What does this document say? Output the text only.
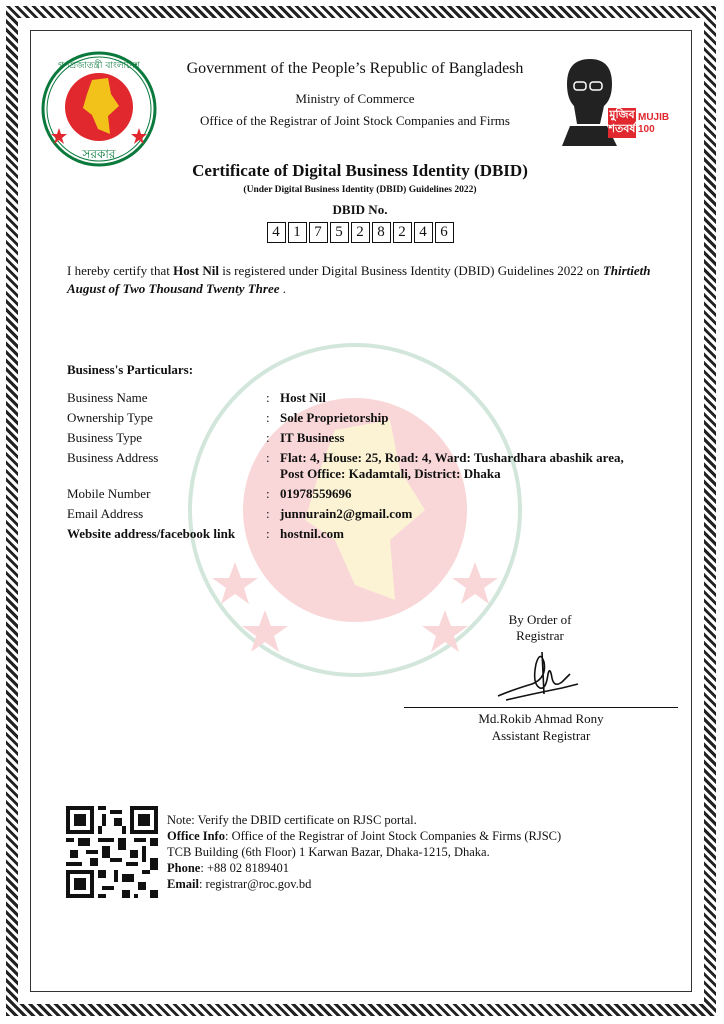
গণপ্রজাতন্ত্রী বাংলাদেশ
সরকার
Government of the People’s Republic of Bangladesh
Ministry of Commerce
Office of the Registrar of Joint Stock Companies and Firms	মুজিব শতবর্ষ
MUJIB 100
Certificate of Digital Business Identity (DBID)
(Under Digital Business Identity (DBID) Guidelines 2022)
DBID No.
4 1 7 5 2 8 2 4 6
I hereby certify that Host Nil is registered under Digital Business Identity (DBID) Guidelines 2022 on Thirtieth
August of Two Thousand Twenty Three .
Business's Particulars:
Business Name	: Host Nil
Ownership Type	: Sole Proprietorship
Business Type	: IT Business
Business Address	: Flat: 4, House: 25, Road: 4, Ward: Tushardhara abashik area,
Post Office: Kadamtali, District: Dhaka
Mobile Number	: 01978559696
Email Address	: junnurain2@gmail.com
Website address/facebook link : hostnil.com
By Order of
Registrar
Md.Rokib Ahmad Rony
Assistant Registrar
Note: Verify the DBID certificate on RJSC portal.
Office Info: Office of the Registrar of Joint Stock Companies & Firms (RJSC)
TCB Building (6th Floor) 1 Karwan Bazar, Dhaka-1215, Dhaka.
Phone: +88 02 8189401
Email: registrar@roc.gov.bd
